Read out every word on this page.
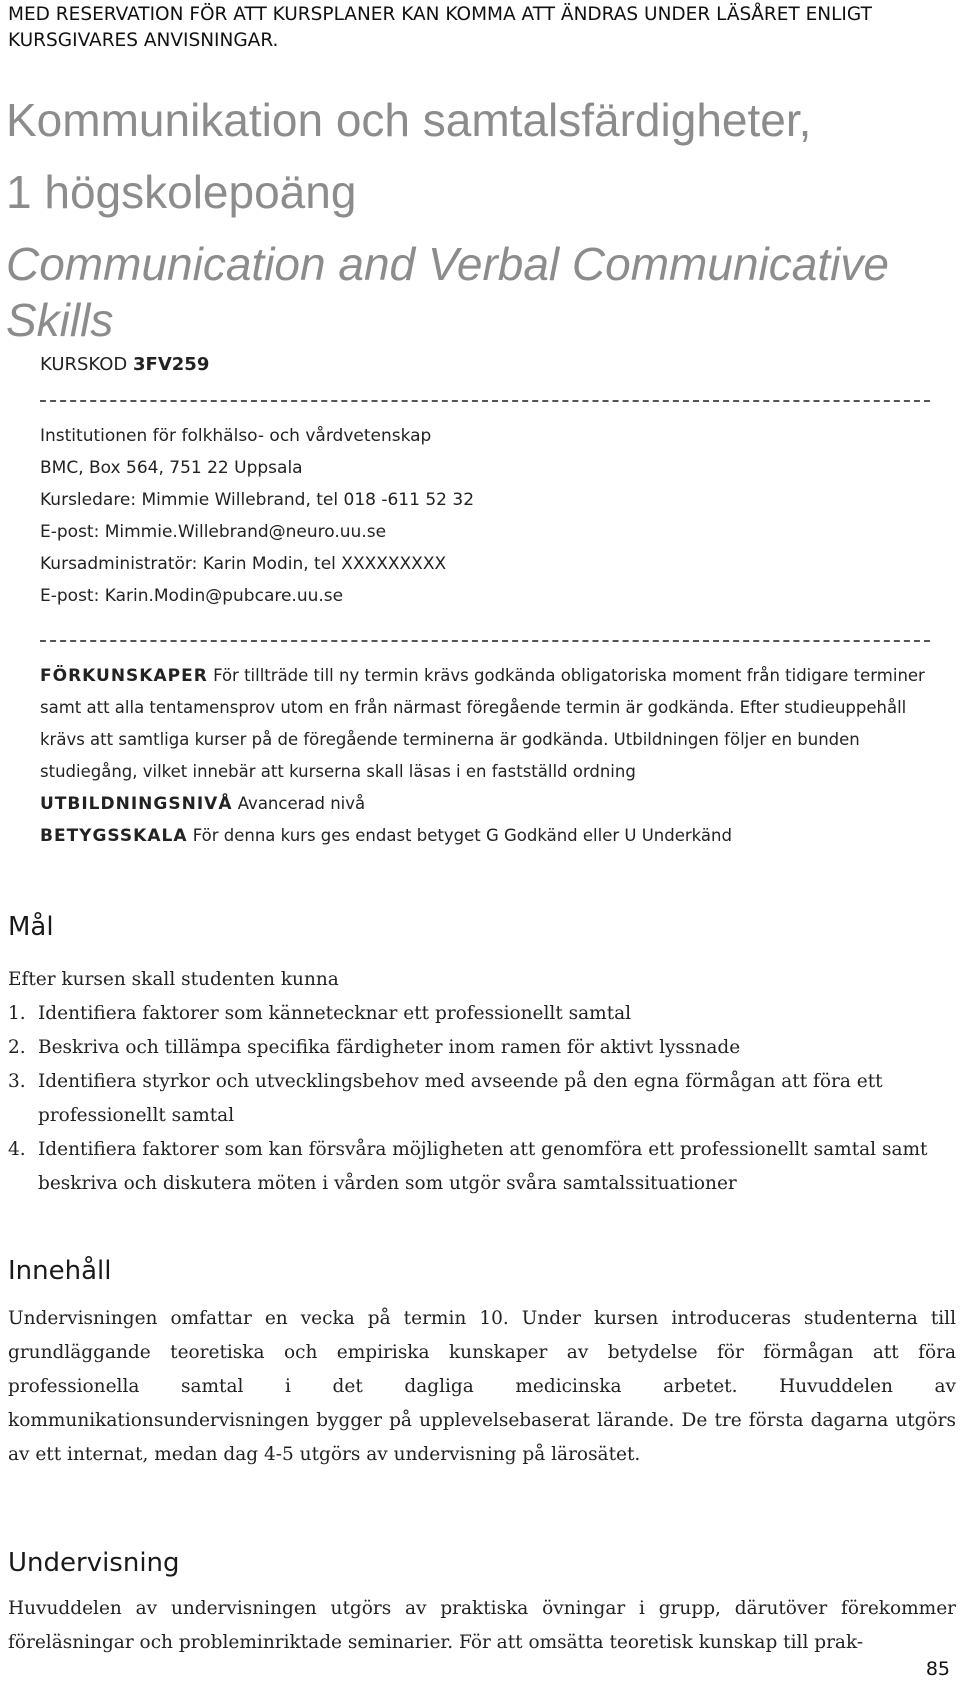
MED RESERVATION FÖR ATT KURSPLANER KAN KOMMA ATT ÄNDRAS UNDER LÄSÅRET ENLIGT KURSGIVARES ANVISNINGAR.
Kommunikation och samtalsfärdigheter,
1 högskolepoäng
Communication and Verbal Communicative Skills
KURSKOD 3FV259
Institutionen för folkhälso- och vårdvetenskap
BMC, Box 564, 751 22 Uppsala
Kursledare: Mimmie Willebrand, tel 018 -611 52 32
E-post: Mimmie.Willebrand@neuro.uu.se
Kursadministratör: Karin Modin, tel XXXXXXXXX
E-post: Karin.Modin@pubcare.uu.se

FÖRKUNSKAPER För tillträde till ny termin krävs godkända obligatoriska moment från tidigare terminer samt att alla tentamensprov utom en från närmast föregående termin är godkända. Efter studieuppehåll krävs att samtliga kurser på de föregående terminerna är godkända. Utbildningen följer en bunden studiegång, vilket innebär att kurserna skall läsas i en fastställd ordning

UTBILDNINGSNIVÅ Avancerad nivå

BETYGSSKALA För denna kurs ges endast betyget G Godkänd eller U Underkänd

Mål
Efter kursen skall studenten kunna
1. Identifiera faktorer som kännetecknar ett professionellt samtal
2. Beskriva och tillämpa specifika färdigheter inom ramen för aktivt lyssnade
3. Identifiera styrkor och utvecklingsbehov med avseende på den egna förmågan att föra ett professionellt samtal
4. Identifiera faktorer som kan försvåra möjligheten att genomföra ett professionellt samtal samt beskriva och diskutera möten i vården som utgör svåra samtalssituationer
Innehåll
Undervisningen omfattar en vecka på termin 10. Under kursen introduceras studenterna till grundläggande teoretiska och empiriska kunskaper av betydelse för förmågan att föra professionella samtal i det dagliga medicinska arbetet. Huvuddelen av kommunikationsundervisningen bygger på upplevelsebaserat lärande. De tre första dagarna utgörs av ett internat, medan dag 4-5 utgörs av undervisning på lärosätet.
Undervisning
Huvuddelen av undervisningen utgörs av praktiska övningar i grupp, därutöver förekommer föreläsningar och probleminriktade seminarier. För att omsätta teoretisk kunskap till prak-
85
